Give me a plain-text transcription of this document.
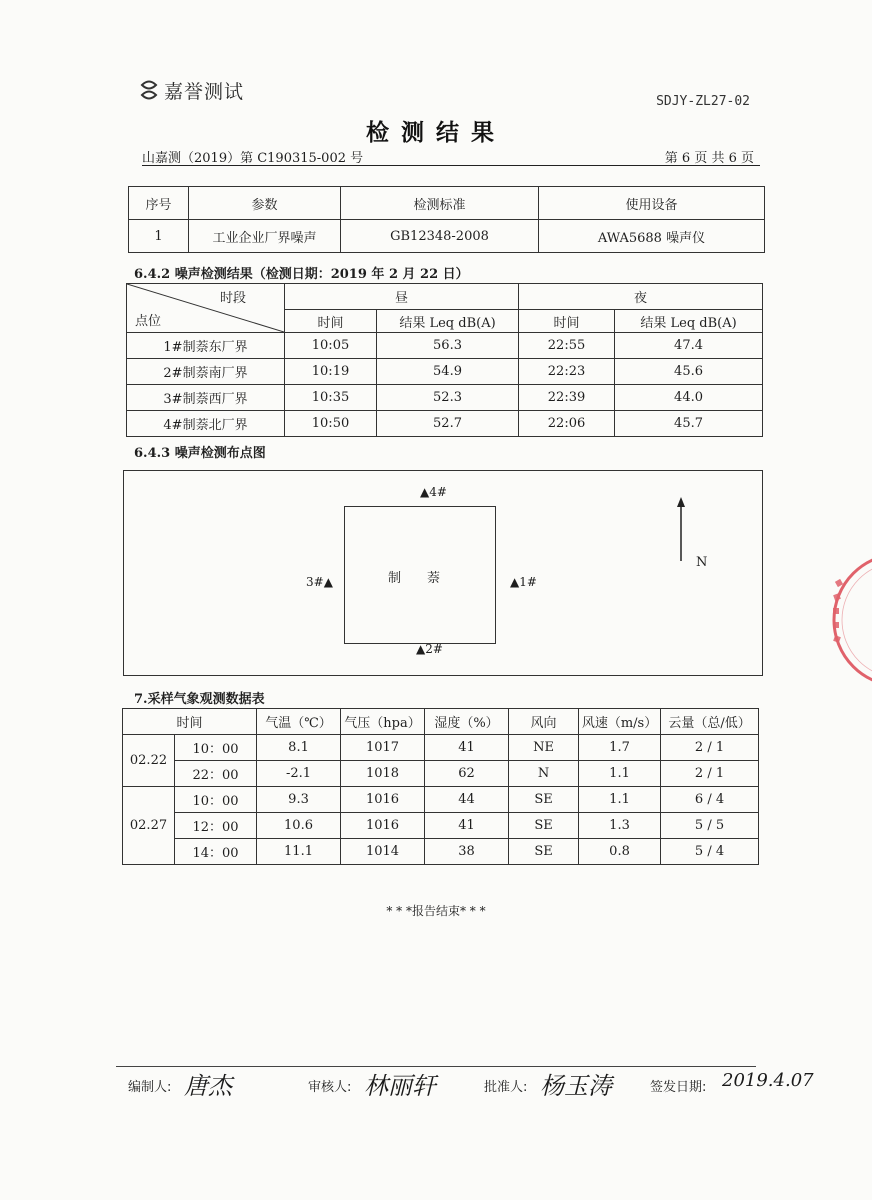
嘉誉测试	SDJY-ZL27-02
检测结果
山嘉测（2019）第 C190315-002 号	第 6 页 共 6 页
序号	参数	检测标准	使用设备
1	工业企业厂界噪声	GB12348-2008	AWA5688 噪声仪
6.4.2 噪声检测结果（检测日期：2019 年 2 月 22 日）
时段
点位	昼		夜	
	时间	结果 Leq dB(A)	时间	结果 Leq dB(A)
1#制萘东厂界	10:05	56.3	22:55	47.4
2#制萘南厂界	10:19	54.9	22:23	45.6
3#制萘西厂界	10:35	52.3	22:39	44.0
4#制萘北厂界	10:50	52.7	22:06	45.7
6.4.3 噪声检测布点图
制萘
▲4#
▲1#
▲2#
3#▲
N
7.采样气象观测数据表
时间		气温（℃）	气压（hpa）	湿度（%）	风向	风速（m/s）	云量（总/低）
02.22	10：00	8.1	1017	41	NE	1.7	2 / 1
	22：00	-2.1	1018	62	N	1.1	2 / 1
02.27	10：00	9.3	1016	44	SE	1.1	6 / 4
	12：00	10.6	1016	41	SE	1.3	5 / 5
	14：00	11.1	1014	38	SE	0.8	5 / 4
* * *报告结束* * *
编制人: 唐杰	审核人: 林丽轩	批准人: 杨玉涛	签发日期: 2019.4.07
